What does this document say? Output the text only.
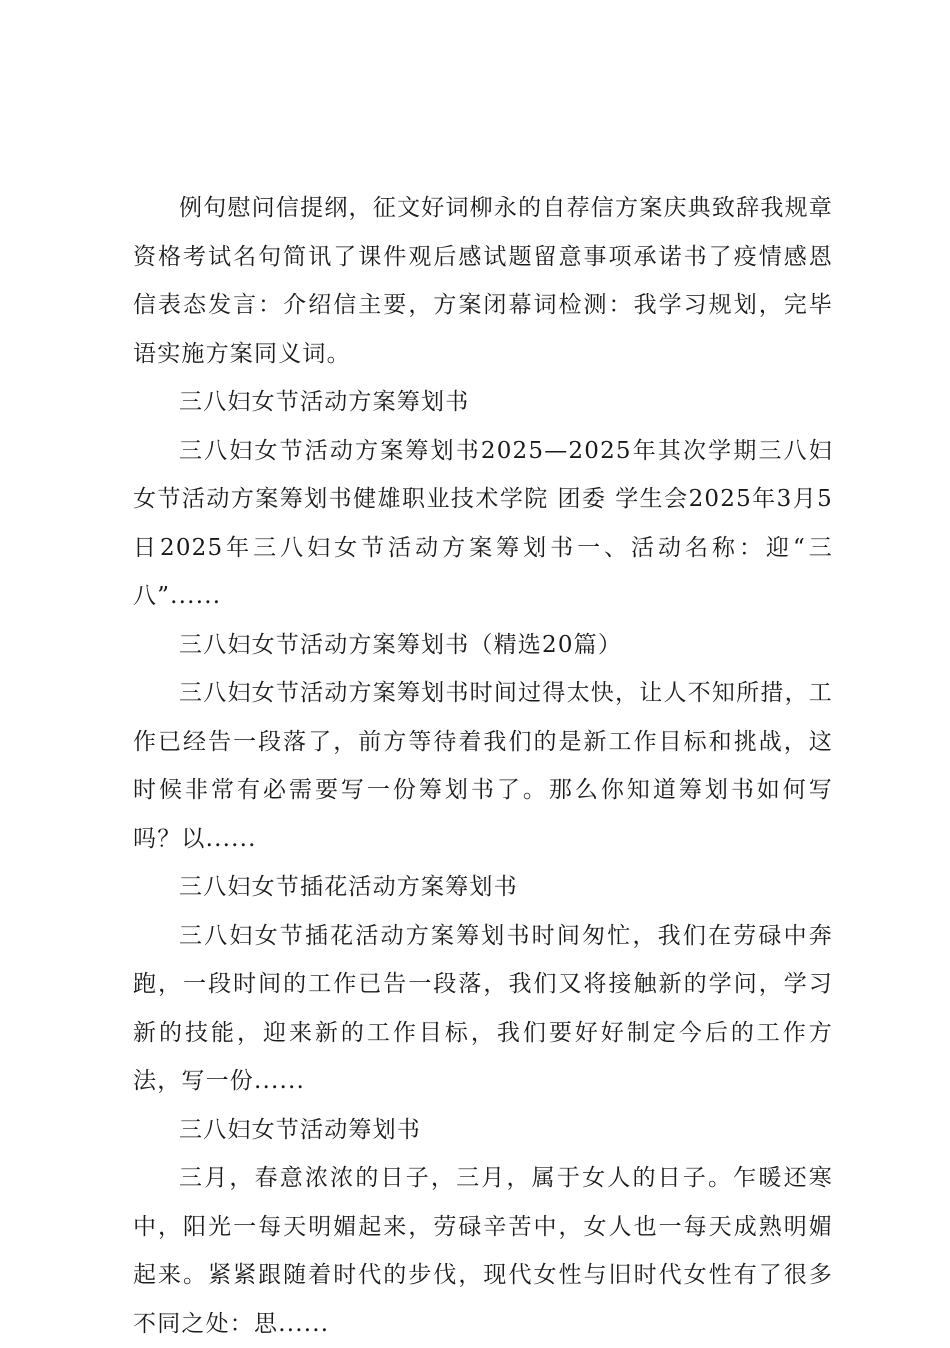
例句慰问信提纲，征文好词柳永的自荐信方案庆典致辞我规章资格考试名句简讯了课件观后感试题留意事项承诺书了疫情感恩信表态发言：介绍信主要，方案闭幕词检测：我学习规划，完毕语实施方案同义词。

三八妇女节活动方案筹划书

三八妇女节活动方案筹划书2025—2025年其次学期三八妇女节活动方案筹划书健雄职业技术学院 团委 学生会2025年3月5日2025年三八妇女节活动方案筹划书一、活动名称：迎“三八”......

三八妇女节活动方案筹划书（精选20篇）

三八妇女节活动方案筹划书时间过得太快，让人不知所措，工作已经告一段落了，前方等待着我们的是新工作目标和挑战，这时候非常有必需要写一份筹划书了。那么你知道筹划书如何写吗？以......

三八妇女节插花活动方案筹划书

三八妇女节插花活动方案筹划书时间匆忙，我们在劳碌中奔跑，一段时间的工作已告一段落，我们又将接触新的学问，学习新的技能，迎来新的工作目标，我们要好好制定今后的工作方法，写一份......

三八妇女节活动筹划书

三月，春意浓浓的日子，三月，属于女人的日子。乍暖还寒中，阳光一每天明媚起来，劳碌辛苦中，女人也一每天成熟明媚起来。紧紧跟随着时代的步伐，现代女性与旧时代女性有了很多不同之处：思......
